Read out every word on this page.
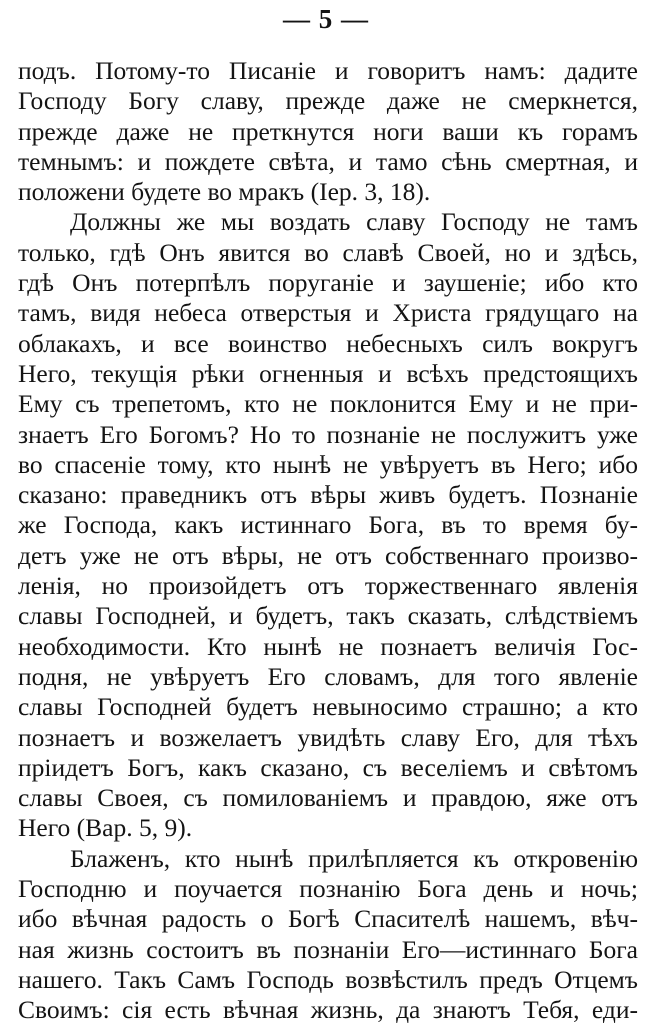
— 5 —
подъ. Потому-то Писаніе и говоритъ намъ: дадите
Господу Богу славу, прежде даже не смеркнется,
прежде даже не преткнутся ноги ваши къ горамъ
темнымъ: и пождете свѣта, и тамо сѣнь смертная, и
положени будете во мракъ (Іер. 3, 18).
Должны же мы воздать славу Господу не тамъ
только, гдѣ Онъ явится во славѣ Своей, но и здѣсь,
гдѣ Онъ потерпѣлъ поруганіе и заушеніе; ибо кто
тамъ, видя небеса отверстыя и Христа грядущаго на
облакахъ, и все воинство небесныхъ силъ вокругъ
Него, текущія рѣки огненныя и всѣхъ предстоящихъ
Ему съ трепетомъ, кто не поклонится Ему и не при-
знаетъ Его Богомъ? Но то познаніе не послужитъ уже
во спасеніе тому, кто нынѣ не увѣруетъ въ Него; ибо
сказано: праведникъ отъ вѣры живъ будетъ. Познаніе
же Господа, какъ истиннаго Бога, въ то время бу-
детъ уже не отъ вѣры, не отъ собственнаго произво-
ленія, но произойдетъ отъ торжественнаго явленія
славы Господней, и будетъ, такъ сказать, слѣдствіемъ
необходимости. Кто нынѣ не познаетъ величія Гос-
подня, не увѣруетъ Его словамъ, для того явленіе
славы Господней будетъ невыносимо страшно; а кто
познаетъ и возжелаетъ увидѣть славу Его, для тѣхъ
пріидетъ Богъ, какъ сказано, съ веселіемъ и свѣтомъ
славы Своея, съ помилованіемъ и правдою, яже отъ
Него (Вар. 5, 9).
Блаженъ, кто нынѣ прилѣпляется къ откровенію
Господню и поучается познанію Бога день и ночь;
ибо вѣчная радость о Богѣ Спасителѣ нашемъ, вѣч-
ная жизнь состоитъ въ познаніи Его—истиннаго Бога
нашего. Такъ Самъ Господь возвѣстилъ предъ Отцемъ
Своимъ: сія есть вѣчная жизнь, да знаютъ Тебя, еди-
